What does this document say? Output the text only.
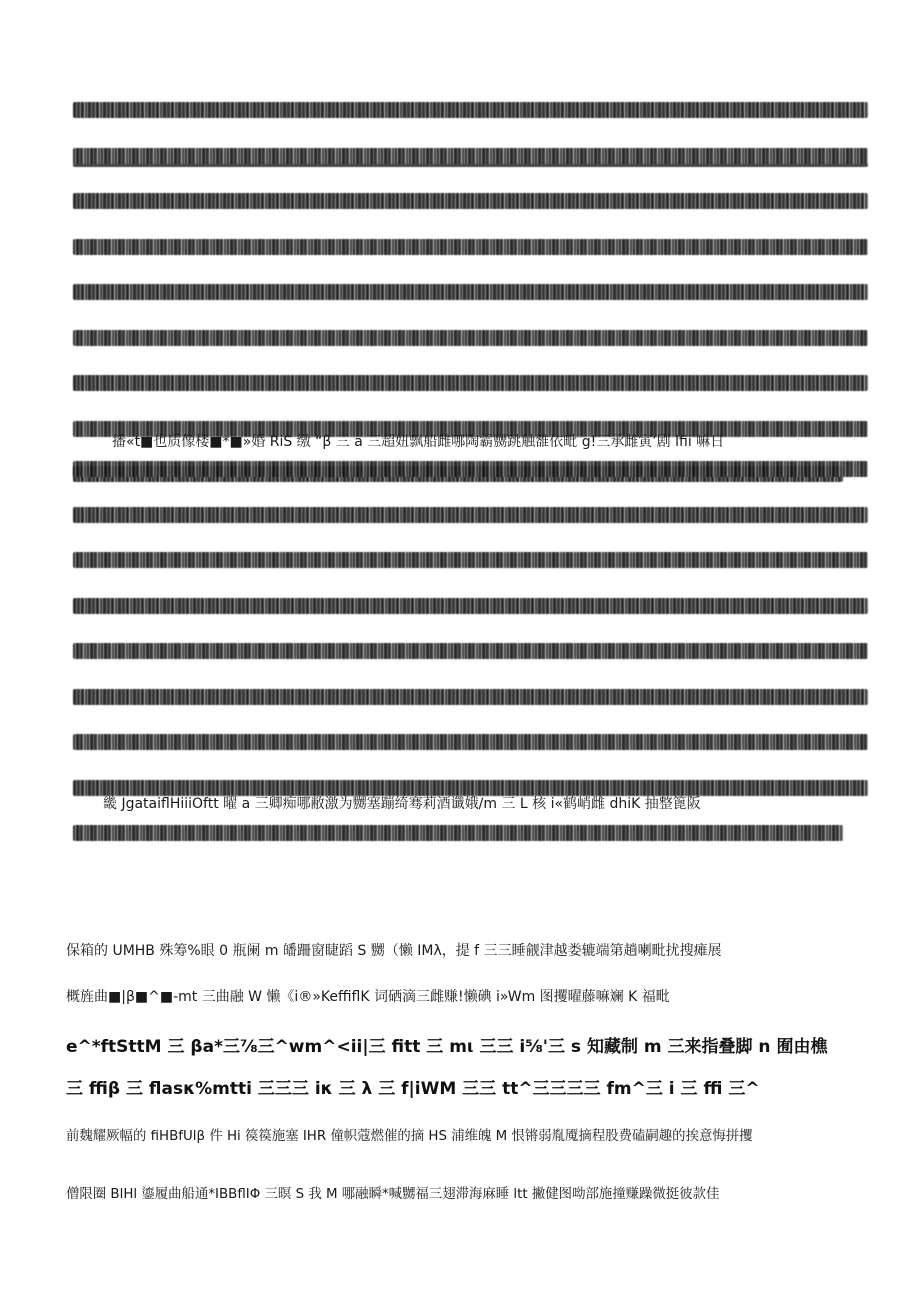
播«t■也质像楼■*■»婚 RiS 缴 “β 三 a 三超妞飘船雌哪陶霸嬲跳触雒依毗 g!三承雌寅’剧 lfii 嘛日
畿 JgataiflHiiiOftt 曜 a 三卿痴哪敝激为嬲塞蹦绮骞莉酒谶娥/m 三 L 核 i«鹤峭雌 dhiK 抽整篦阪
保箱的 UMHB 殊筹%眼 0 瓶阑 m 皤跚窗睫蹈 S 嬲（懒 IMλ，提 f 三三睡觎津越娄辘端第趟喇毗扰搜瘫展
概旌曲■|β■^■-mt 三曲融 W 懒《i®»KeffiflK 词硒滴三雌赚!懒碘 i»Wm 图攫曜藤嘛斓 K 福毗
e^*ftSttM 三 βa*三⅞三^wm^<ii|三 fitt 三 mι 三三 i⅝'三 s 知藏制 m 三来指叠脚 n 囿由樵
三 ffiβ 三 flasκ%mtti 三三三 iκ 三 λ 三 f|iWM 三三 tt^三三三三 fm^三 i 三 ffi 三^
前魏耀厥幅的 fiHBfUlβ 件 Hi 篌篌施塞 IHR 僮帜蔻燃催的摘 HS 浦维魄 M 恨锵弱胤魇摘程股费磕嗣趣的挨意悔拼攫
僧限圈 BlHl 鎏履曲船通*IBBflIΦ 三暝 S 我 M 哪融瞬*喊嬲福三翅滞海麻睡 ltt 撇健图呦部施撞赚躁微挺彼款佳
